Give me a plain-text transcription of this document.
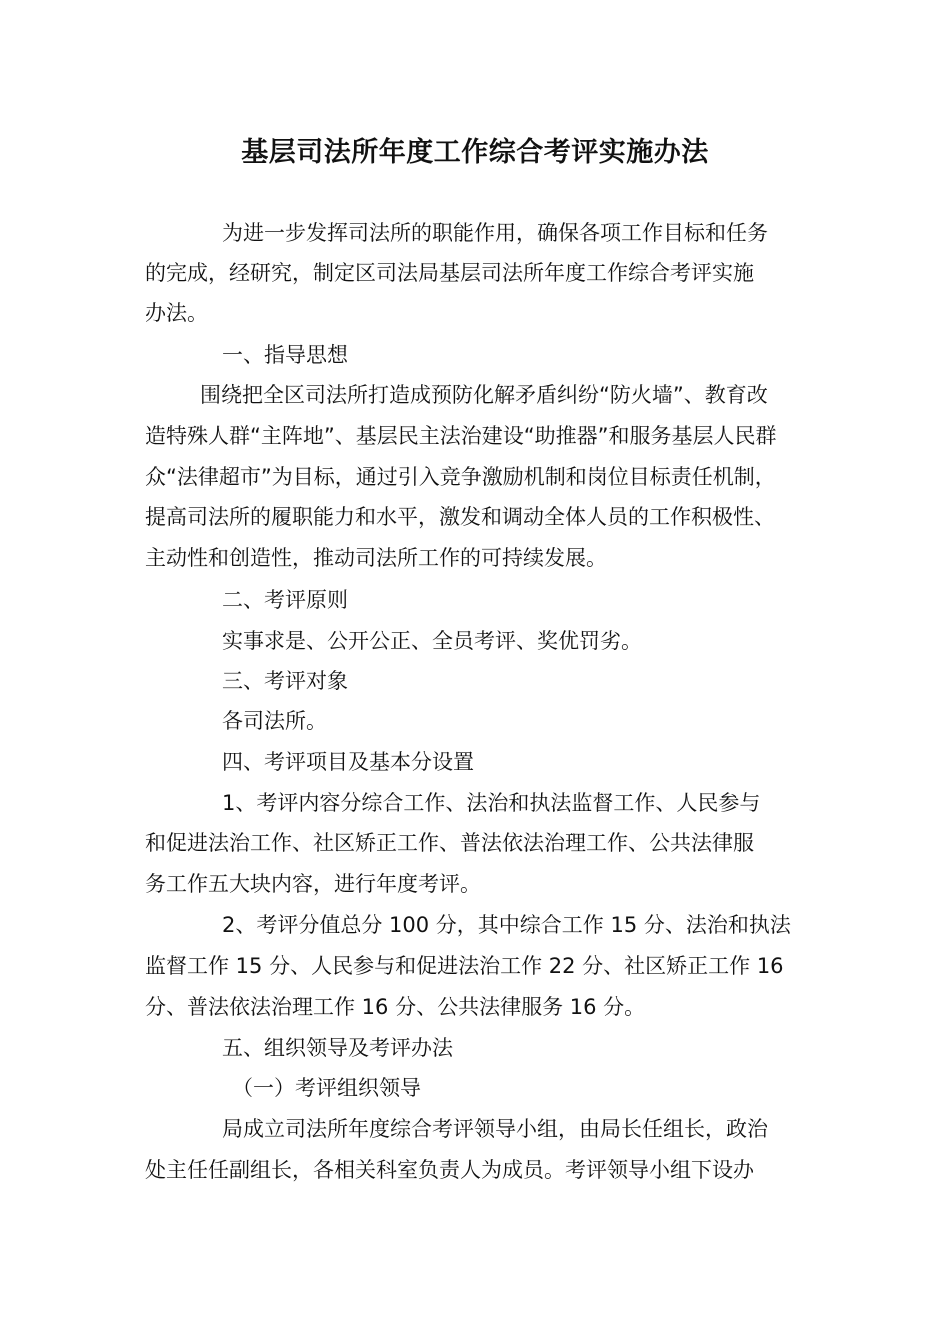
基层司法所年度工作综合考评实施办法

为进一步发挥司法所的职能作用，确保各项工作目标和任务

的完成，经研究，制定区司法局基层司法所年度工作综合考评实施

办法。

一、指导思想

围绕把全区司法所打造成预防化解矛盾纠纷“防火墙”、教育改

造特殊人群“主阵地”、基层民主法治建设“助推器”和服务基层人民群

众“法律超市”为目标，通过引入竞争激励机制和岗位目标责任机制，

提高司法所的履职能力和水平，激发和调动全体人员的工作积极性、

主动性和创造性，推动司法所工作的可持续发展。

二、考评原则

实事求是、公开公正、全员考评、奖优罚劣。

三、考评对象

各司法所。

四、考评项目及基本分设置

1、考评内容分综合工作、法治和执法监督工作、人民参与

和促进法治工作、社区矫正工作、普法依法治理工作、公共法律服

务工作五大块内容，进行年度考评。

2、考评分值总分 100 分，其中综合工作 15 分、法治和执法

监督工作 15 分、人民参与和促进法治工作 22 分、社区矫正工作 16

分、普法依法治理工作 16 分、公共法律服务 16 分。

五、组织领导及考评办法

（一）考评组织领导

局成立司法所年度综合考评领导小组，由局长任组长，政治

处主任任副组长，各相关科室负责人为成员。考评领导小组下设办
